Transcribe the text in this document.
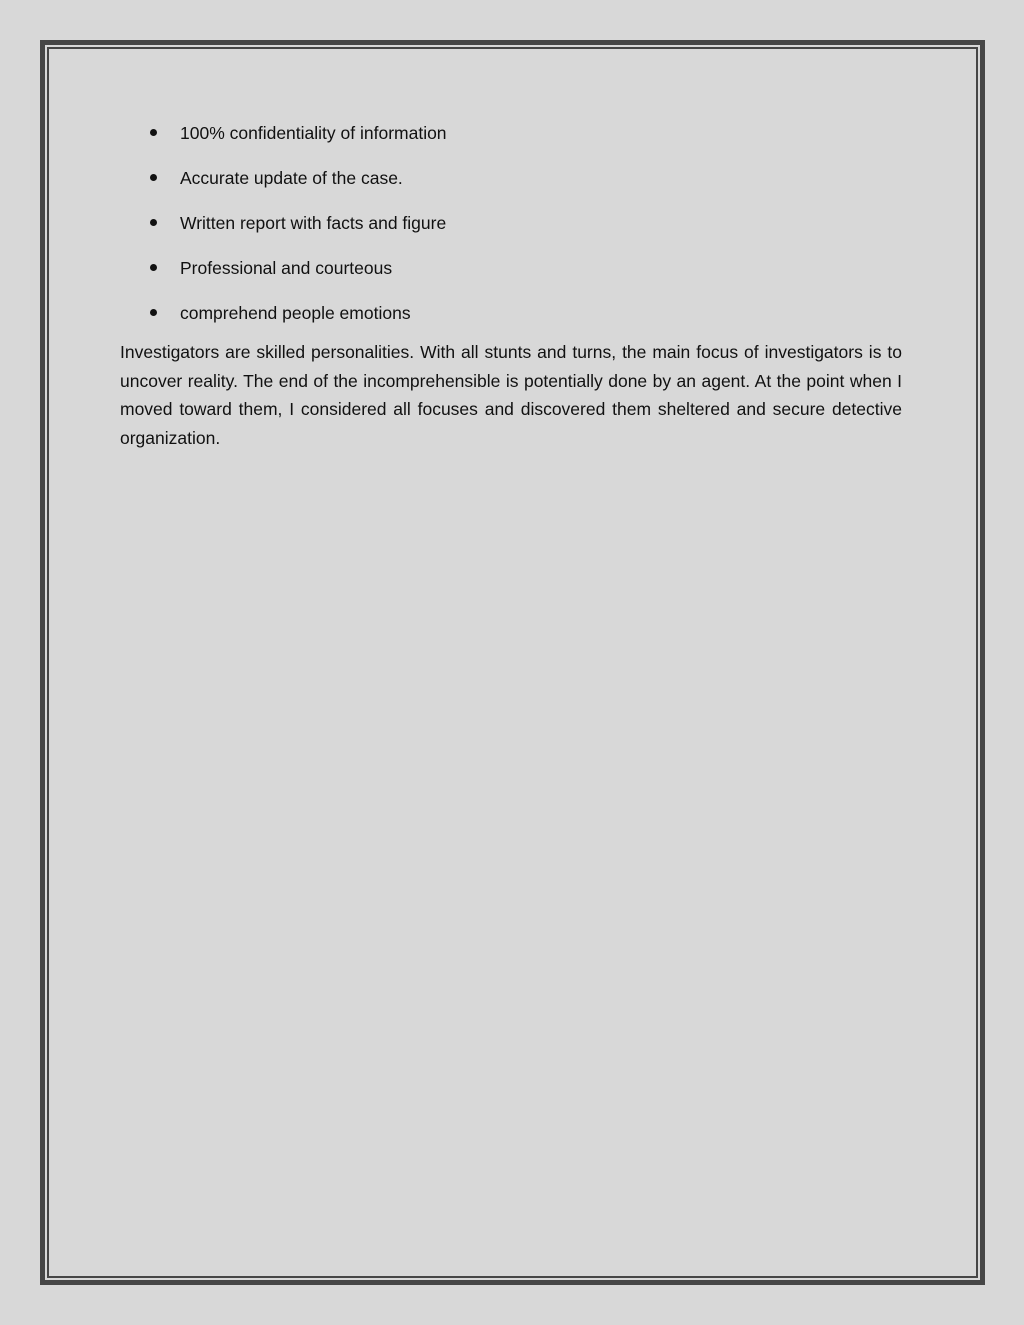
100% confidentiality of information
Accurate update of the case.
Written report with facts and figure
Professional and courteous
comprehend people emotions

Investigators are skilled personalities. With all stunts and turns, the main focus of investigators is to uncover reality. The end of the incomprehensible is potentially done by an agent. At the point when I moved toward them, I considered all focuses and discovered them sheltered and secure detective organization.
